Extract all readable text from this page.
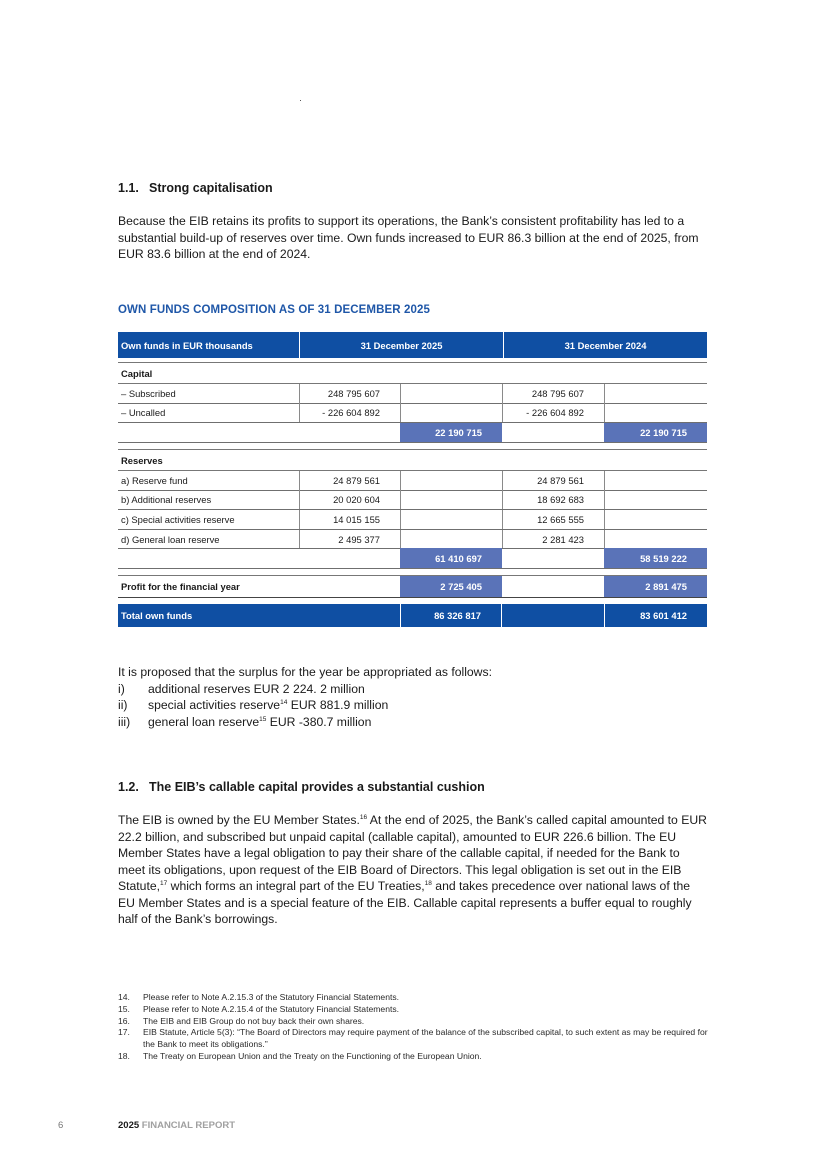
1.1. Strong capitalisation
Because the EIB retains its profits to support its operations, the Bank’s consistent profitability has led to a substantial build-up of reserves over time. Own funds increased to EUR 86.3 billion at the end of 2025, from EUR 83.6 billion at the end of 2024.
OWN FUNDS COMPOSITION AS OF 31 DECEMBER 2025
Own funds in EUR thousands	31 December 2025	31 December 2024
Capital
– Subscribed	248 795 607	248 795 607
– Uncalled	- 226 604 892	- 226 604 892
22 190 715	22 190 715
Reserves
a) Reserve fund	24 879 561	24 879 561
b) Additional reserves	20 020 604	18 692 683
c) Special activities reserve	14 015 155	12 665 555
d) General loan reserve	2 495 377	2 281 423
61 410 697	58 519 222
Profit for the financial year	2 725 405	2 891 475
Total own funds	86 326 817	83 601 412
It is proposed that the surplus for the year be appropriated as follows:
i) additional reserves EUR 2 224. 2 million
ii) special activities reserve$^{14}$ EUR 881.9 million
iii) general loan reserve$^{15}$ EUR -380.7 million
1.2. The EIB’s callable capital provides a substantial cushion
The EIB is owned by the EU Member States.$^{16}$ At the end of 2025, the Bank’s called capital amounted to EUR 22.2 billion, and subscribed but unpaid capital (callable capital), amounted to EUR 226.6 billion. The EU Member States have a legal obligation to pay their share of the callable capital, if needed for the Bank to meet its obligations, upon request of the EIB Board of Directors. This legal obligation is set out in the EIB Statute,$^{17}$ which forms an integral part of the EU Treaties,$^{18}$ and takes precedence over national laws of the EU Member States and is a special feature of the EIB. Callable capital represents a buffer equal to roughly half of the Bank’s borrowings.
14. Please refer to Note A.2.15.3 of the Statutory Financial Statements.
15. Please refer to Note A.2.15.4 of the Statutory Financial Statements.
16. The EIB and EIB Group do not buy back their own shares.
17. EIB Statute, Article 5(3): “The Board of Directors may require payment of the balance of the subscribed capital, to such extent as may be required for the Bank to meet its obligations.”
18. The Treaty on European Union and the Treaty on the Functioning of the European Union.
6	2025 FINANCIAL REPORT
